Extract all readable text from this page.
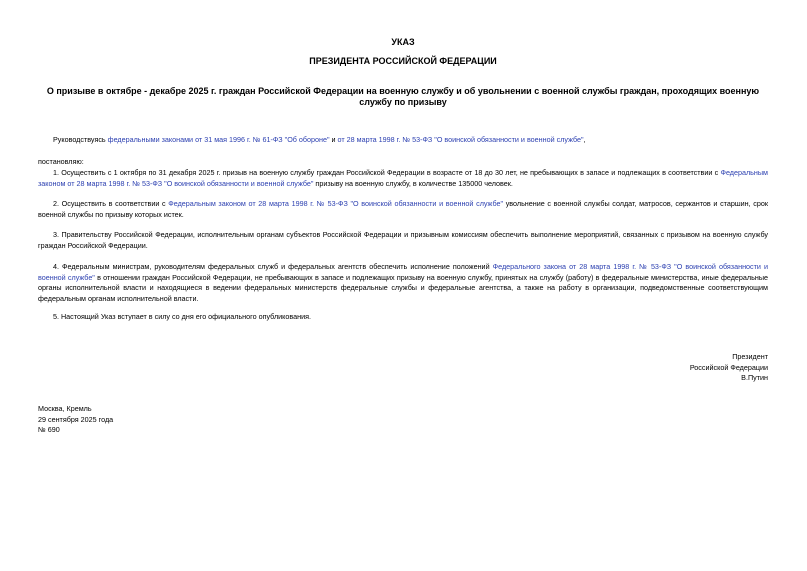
УКАЗ
ПРЕЗИДЕНТА РОССИЙСКОЙ ФЕДЕРАЦИИ
О призыве в октябре - декабре 2025 г. граждан Российской Федерации на военную службу и об увольнении с военной службы граждан, проходящих военную службу по призыву
Руководствуясь федеральными законами от 31 мая 1996 г. № 61-ФЗ "Об обороне" и от 28 марта 1998 г. № 53-ФЗ "О воинской обязанности и военной службе",
постановляю:
1. Осуществить с 1 октября по 31 декабря 2025 г. призыв на военную службу граждан Российской Федерации в возрасте от 18 до 30 лет, не пребывающих в запасе и подлежащих в соответствии с Федеральным законом от 28 марта 1998 г. № 53-ФЗ "О воинской обязанности и военной службе" призыву на военную службу, в количестве 135000 человек.
2. Осуществить в соответствии с Федеральным законом от 28 марта 1998 г. № 53-ФЗ "О воинской обязанности и военной службе" увольнение с военной службы солдат, матросов, сержантов и старшин, срок военной службы по призыву которых истек.
3. Правительству Российской Федерации, исполнительным органам субъектов Российской Федерации и призывным комиссиям обеспечить выполнение мероприятий, связанных с призывом на военную службу граждан Российской Федерации.
4. Федеральным министрам, руководителям федеральных служб и федеральных агентств обеспечить исполнение положений Федерального закона от 28 марта 1998 г. № 53-ФЗ "О воинской обязанности и военной службе" в отношении граждан Российской Федерации, не пребывающих в запасе и подлежащих призыву на военную службу, принятых на службу (работу) в федеральные министерства, иные федеральные органы исполнительной власти и находящиеся в ведении федеральных министерств федеральные службы и федеральные агентства, а также на работу в организации, подведомственные соответствующим федеральным органам исполнительной власти.
5. Настоящий Указ вступает в силу со дня его официального опубликования.
Президент
Российской Федерации
В.Путин
Москва, Кремль
29 сентября 2025 года
№ 690
